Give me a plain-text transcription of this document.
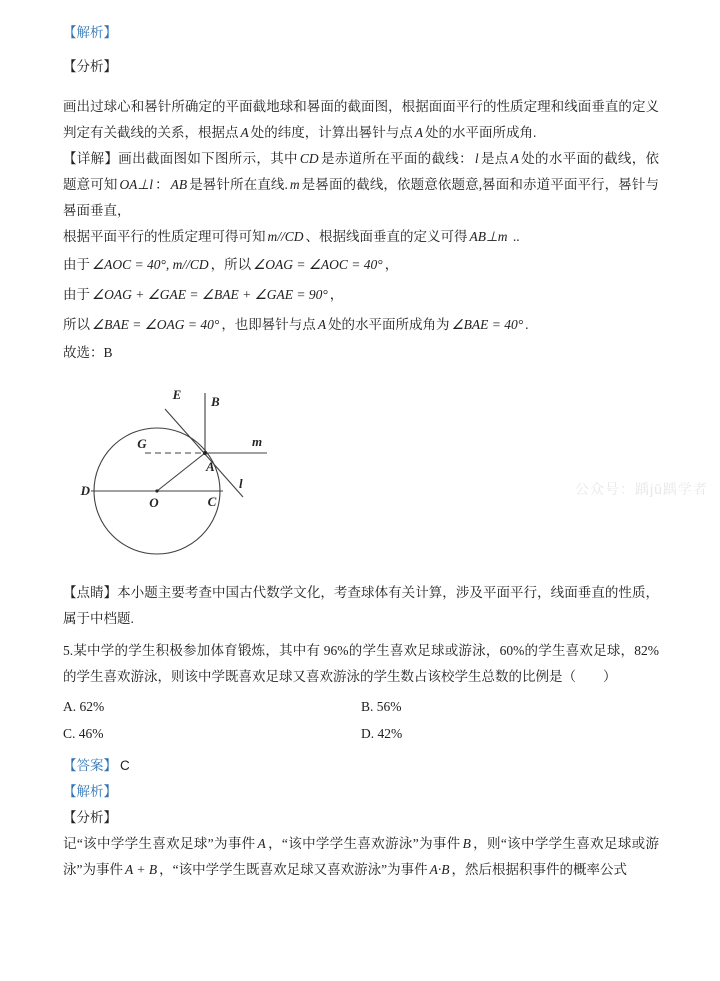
【解析】
【分析】
画出过球心和晷针所确定的平面截地球和晷面的截面图，根据面面平行的性质定理和线面垂直的定义判定有关截线的关系，根据点 A 处的纬度，计算出晷针与点 A 处的水平面所成角.
【详解】画出截面图如下图所示，其中 CD 是赤道所在平面的截线： l 是点 A 处的水平面的截线，依题意可知 OA⊥l ： AB 是晷针所在直线. m 是晷面的截线，依题意依题意,晷面和赤道平面平行，晷针与晷面垂直，
根据平面平行的性质定理可得可知 m//CD 、根据线面垂直的定义可得 AB⊥m ..
由于 ∠AOC = 40°, m//CD ，所以 ∠OAG = ∠AOC = 40° ，
由于 ∠OAG + ∠GAE = ∠BAE + ∠GAE = 90° ，
所以 ∠BAE = ∠OAG = 40° ，也即晷针与点 A 处的水平面所成角为 ∠BAE = 40° .
故选：B
E B
m
G
A
l
D
O	C
【点睛】本小题主要考查中国古代数学文化，考查球体有关计算，涉及平面平行，线面垂直的性质，属于中档题.
5.某中学的学生积极参加体育锻炼，其中有 96%的学生喜欢足球或游泳，60%的学生喜欢足球，82%的学生喜欢游泳，则该中学既喜欢足球又喜欢游泳的学生数占该校学生总数的比例是（　　）
A. 62%	B. 56%
C. 46%	D. 42%
【答案】 C
【解析】
【分析】
记“该中学学生喜欢足球”为事件 A ，“该中学学生喜欢游泳”为事件 B ，则“该中学学生喜欢足球或游泳”为事件 A + B ，“该中学学生既喜欢足球又喜欢游泳”为事件 A·B ，然后根据积事件的概率公式
公众号：踽jǔ踽学者
